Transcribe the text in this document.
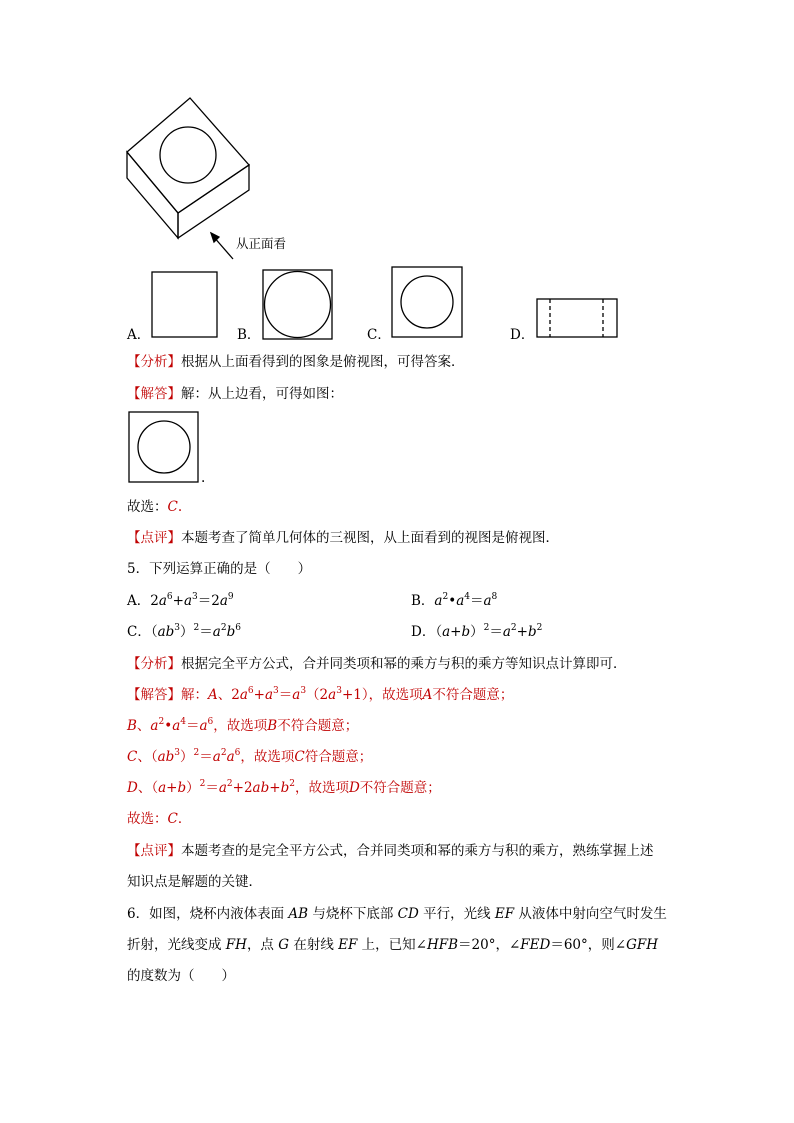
从正面看
A．	B．	C．	D．
【分析】根据从上面看得到的图象是俯视图，可得答案．
【解答】解：从上边看，可得如图：
.
故选：C.
【点评】本题考查了简单几何体的三视图，从上面看到的视图是俯视图．
5．下列运算正确的是（　　）
A．$2a^6+a^3=2a^9$	B．$a^2•a^4=a^8$
C．$(ab^3)^2=a^2b^6$	D．$(a+b)^2=a^2+b^2$
【分析】根据完全平方公式，合并同类项和幂的乘方与积的乘方等知识点计算即可．
【解答】解：A、$2a^6+a^3=a^3(2a^3+1)$，故选项A不符合题意；
B、$a^2•a^4=a^6$，故选项B不符合题意；
C、$(ab^3)^2=a^2a^6$，故选项C符合题意；
D、$(a+b)^2=a^2+2ab+b^2$，故选项D不符合题意；
故选：C．
【点评】本题考查的是完全平方公式，合并同类项和幂的乘方与积的乘方，熟练掌握上述
知识点是解题的关键．
6．如图，烧杯内液体表面 AB 与烧杯下底部 CD 平行，光线 EF 从液体中射向空气时发生
折射，光线变成 FH，点 G 在射线 EF 上，已知∠HFB＝20°，∠FED＝60°，则∠GFH
的度数为（　　）
